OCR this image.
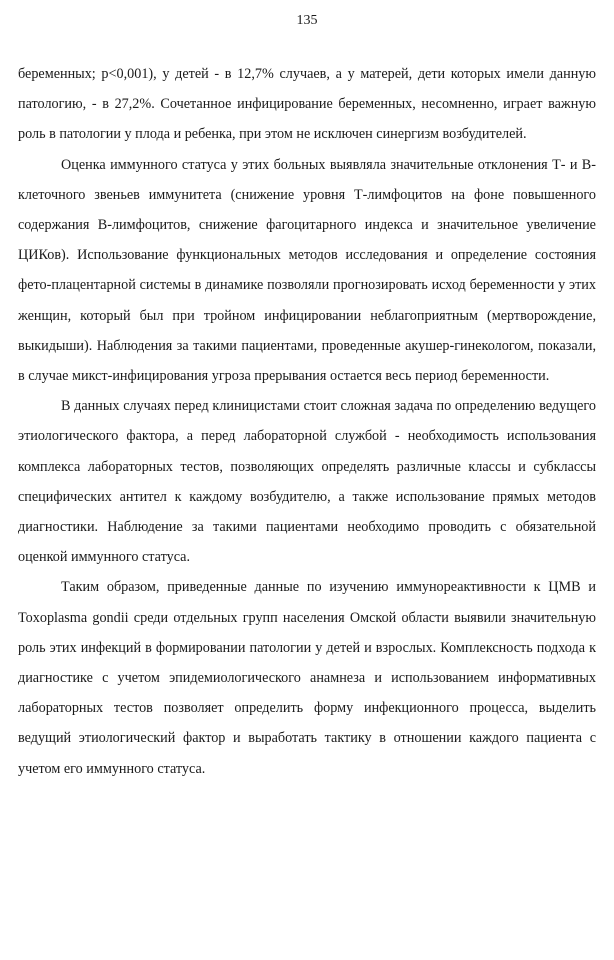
135

беременных; p<0,001), у детей - в 12,7% случаев, а у матерей, дети которых имели данную патологию, - в 27,2%. Сочетанное инфицирование беременных, несомненно, играет важную роль в патологии у плода и ребенка, при этом не исключен синергизм возбудителей.

Оценка иммунного статуса у этих больных выявляла значительные отклонения Т- и В-клеточного звеньев иммунитета (снижение уровня Т-лимфоцитов на фоне повышенного содержания В-лимфоцитов, снижение фагоцитарного индекса и значительное увеличение ЦИКов). Использование функциональных методов исследования и определение состояния фето-плацентарной системы в динамике позволяли прогнозировать исход беременности у этих женщин, который был при тройном инфицировании неблагоприятным (мертворождение, выкидыши). Наблюдения за такими пациентами, проведенные акушер-гинекологом, показали, в случае микст-инфицирования угроза прерывания остается весь период беременности.

В данных случаях перед клиницистами стоит сложная задача по определению ведущего этиологического фактора, а перед лабораторной службой - необходимость использования комплекса лабораторных тестов, позволяющих определять различные классы и субклассы специфических антител к каждому возбудителю, а также использование прямых методов диагностики. Наблюдение за такими пациентами необходимо проводить с обязательной оценкой иммунного статуса.

Таким образом, приведенные данные по изучению иммунореактивности к ЦМВ и Toxoplasma gondii среди отдельных групп населения Омской области выявили значительную роль этих инфекций в формировании патологии у детей и взрослых. Комплексность подхода к диагностике с учетом эпидемиологического анамнеза и использованием информативных лабораторных тестов позволяет определить форму инфекционного процесса, выделить ведущий этиологический фактор и выработать тактику в отношении каждого пациента с учетом его иммунного статуса.
